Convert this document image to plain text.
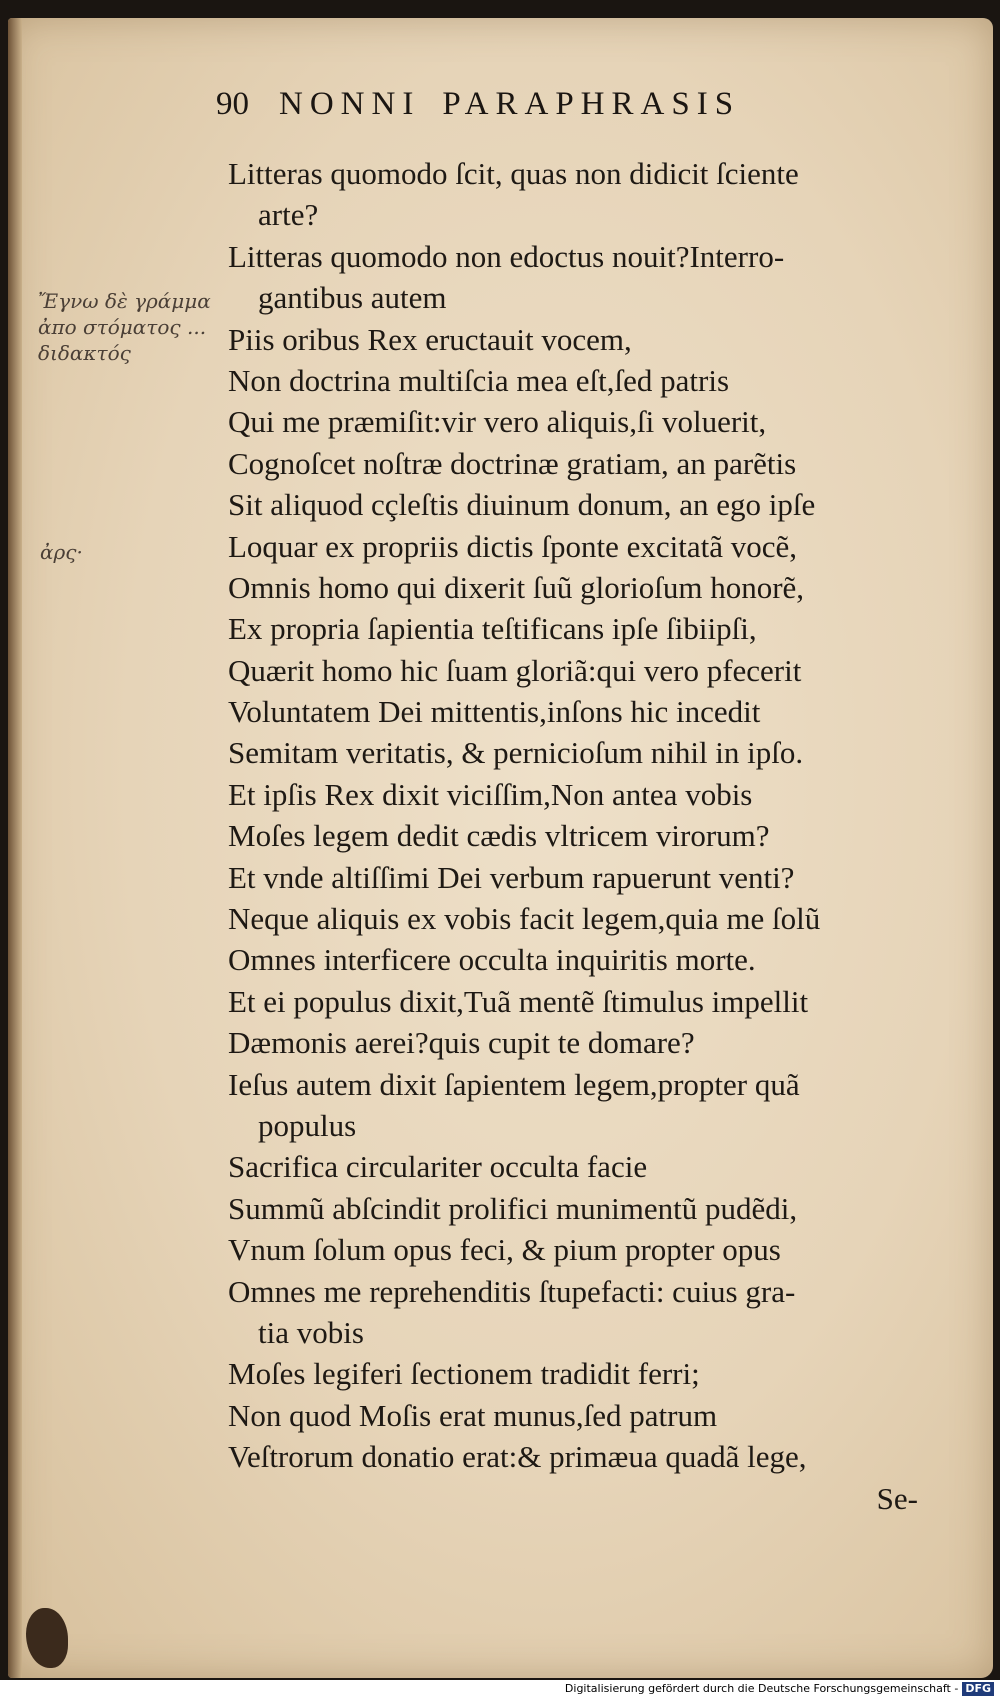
90 NONNI PARAPHRASIS
Ἔγνω δὲ γράμμα
ἀπο στόματος ...
διδακτός
ἀρς·
Litteras quomodo ſcit, quas non didicit ſciente
arte?
Litteras quomodo non edoctus nouit?Interro-
gantibus autem
Piis oribus Rex eructauit vocem,
Non doctrina multiſcia mea eſt,ſed patris
Qui me præmiſit:vir vero aliquis,ſi voluerit,
Cognoſcet noſtræ doctrinæ gratiam, an parẽtis
Sit aliquod cçleſtis diuinum donum, an ego ipſe
Loquar ex propriis dictis ſponte excitatã vocẽ,
Omnis homo qui dixerit ſuũ glorioſum honorẽ,
Ex propria ſapientia teſtificans ipſe ſibiipſi,
Quærit homo hic ſuam gloriã:qui vero pfecerit
Voluntatem Dei mittentis,inſons hic incedit
Semitam veritatis, & pernicioſum nihil in ipſo.
Et ipſis Rex dixit viciſſim,Non antea vobis
Moſes legem dedit cædis vltricem virorum?
Et vnde altiſſimi Dei verbum rapuerunt venti?
Neque aliquis ex vobis facit legem,quia me ſolũ
Omnes interficere occulta inquiritis morte.
Et ei populus dixit,Tuã mentẽ ſtimulus impellit
Dæmonis aerei?quis cupit te domare?
Ieſus autem dixit ſapientem legem,propter quã
populus
Sacrifica circulariter occulta facie
Summũ abſcindit prolifici munimentũ pudẽdi,
Vnum ſolum opus feci, & pium propter opus
Omnes me reprehenditis ſtupefacti: cuius gra-
tia vobis
Moſes legiferi ſectionem tradidit ferri;
Non quod Moſis erat munus,ſed patrum
Veſtrorum donatio erat:& primæua quadã lege,
Se-
Digitalisierung gefördert durch die Deutsche Forschungsgemeinschaft - DFG
